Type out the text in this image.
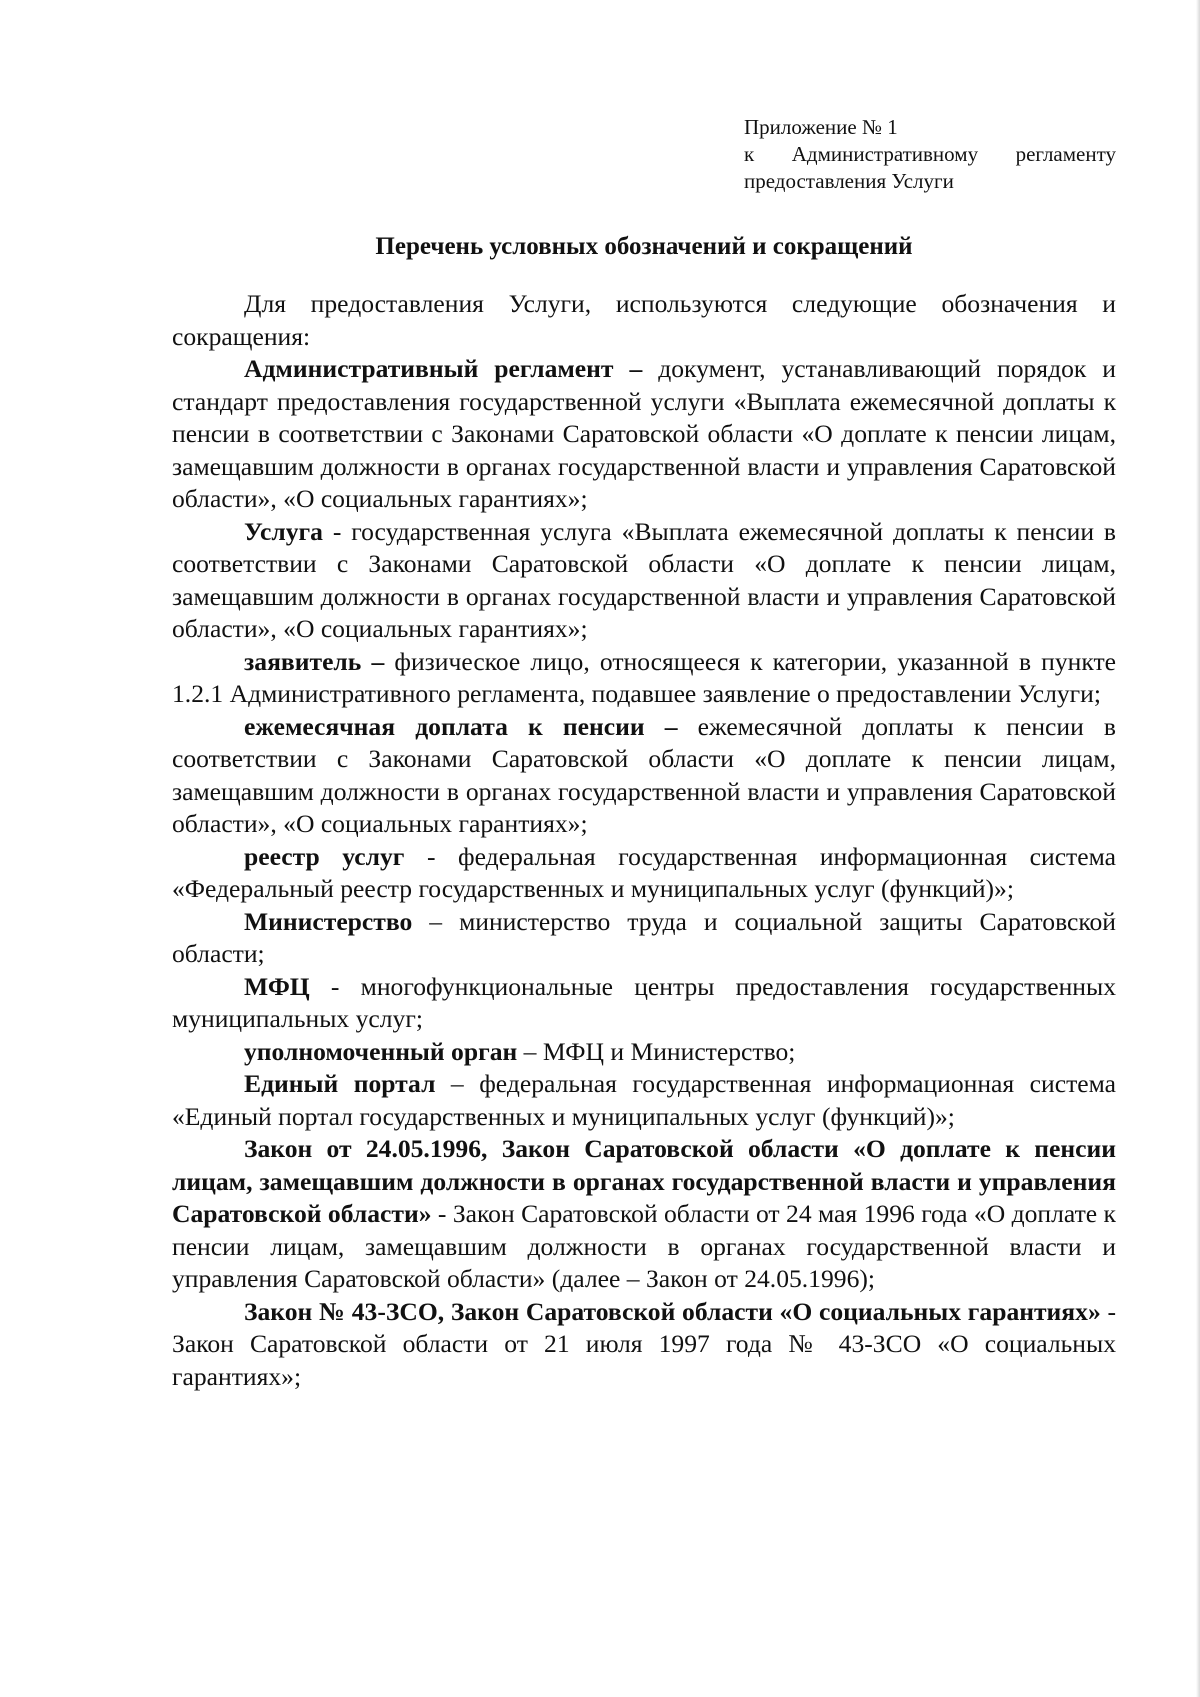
Приложение № 1
к Административному регламенту
предоставления Услуги
Перечень условных обозначений и сокращений

Для предоставления Услуги, используются следующие обозначения и сокращения:

Административный регламент – документ, устанавливающий порядок и стандарт предоставления государственной услуги «Выплата ежемесячной доплаты к пенсии в соответствии с Законами Саратовской области «О доплате к пенсии лицам, замещавшим должности в органах государственной власти и управления Саратовской области», «О социальных гарантиях»;

Услуга - государственная услуга «Выплата ежемесячной доплаты к пенсии в соответствии с Законами Саратовской области «О доплате к пенсии лицам, замещавшим должности в органах государственной власти и управления Саратовской области», «О социальных гарантиях»;

заявитель – физическое лицо, относящееся к категории, указанной в пункте 1.2.1 Административного регламента, подавшее заявление о предоставлении Услуги;

ежемесячная доплата к пенсии – ежемесячной доплаты к пенсии в соответствии с Законами Саратовской области «О доплате к пенсии лицам, замещавшим должности в органах государственной власти и управления Саратовской области», «О социальных гарантиях»;

реестр услуг - федеральная государственная информационная система «Федеральный реестр государственных и муниципальных услуг (функций)»;

Министерство – министерство труда и социальной защиты Саратовской области;

МФЦ - многофункциональные центры предоставления государственных муниципальных услуг;

уполномоченный орган – МФЦ и Министерство;

Единый портал – федеральная государственная информационная система «Единый портал государственных и муниципальных услуг (функций)»;

Закон от 24.05.1996, Закон Саратовской области «О доплате к пенсии лицам, замещавшим должности в органах государственной власти и управления Саратовской области» - Закон Саратовской области от 24 мая 1996 года «О доплате к пенсии лицам, замещавшим должности в органах государственной власти и управления Саратовской области» (далее – Закон от 24.05.1996);

Закон № 43-ЗСО, Закон Саратовской области «О социальных гарантиях» - Закон Саратовской области от 21 июля 1997 года № 43-ЗСО «О социальных гарантиях»;
